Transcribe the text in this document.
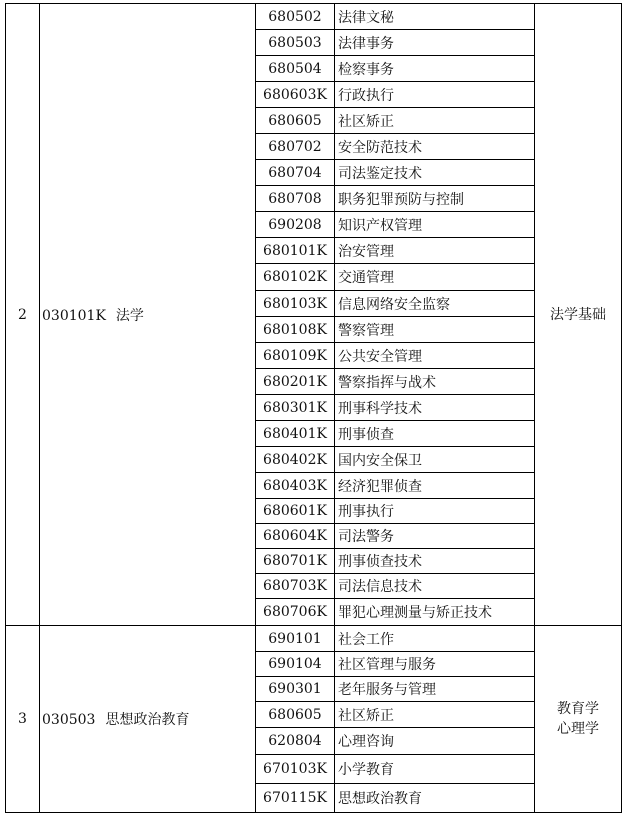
2	030101K 法学	680502	法律文秘	法学基础

		680503	法律事务	
		680504	检察事务	
		680603K	行政执行	
		680605	社区矫正	
		680702	安全防范技术	
		680704	司法鉴定技术	
		680708	职务犯罪预防与控制	
		690208	知识产权管理	
		680101K	治安管理	
		680102K	交通管理	
		680103K	信息网络安全监察	
		680108K	警察管理	
		680109K	公共安全管理	
		680201K	警察指挥与战术	
		680301K	刑事科学技术	
		680401K	刑事侦查	
		680402K	国内安全保卫	
		680403K	经济犯罪侦查	
		680601K	刑事执行	
		680604K	司法警务	
		680701K	刑事侦查技术	
		680703K	司法信息技术	
		680706K	罪犯心理测量与矫正技术	
3	030503 思想政治教育	690101	社会工作	教育学
心理学

		690104	社区管理与服务	
		690301	老年服务与管理	
		680605	社区矫正	
		620804	心理咨询	
		670103K	小学教育	
		670115K	思想政治教育	
